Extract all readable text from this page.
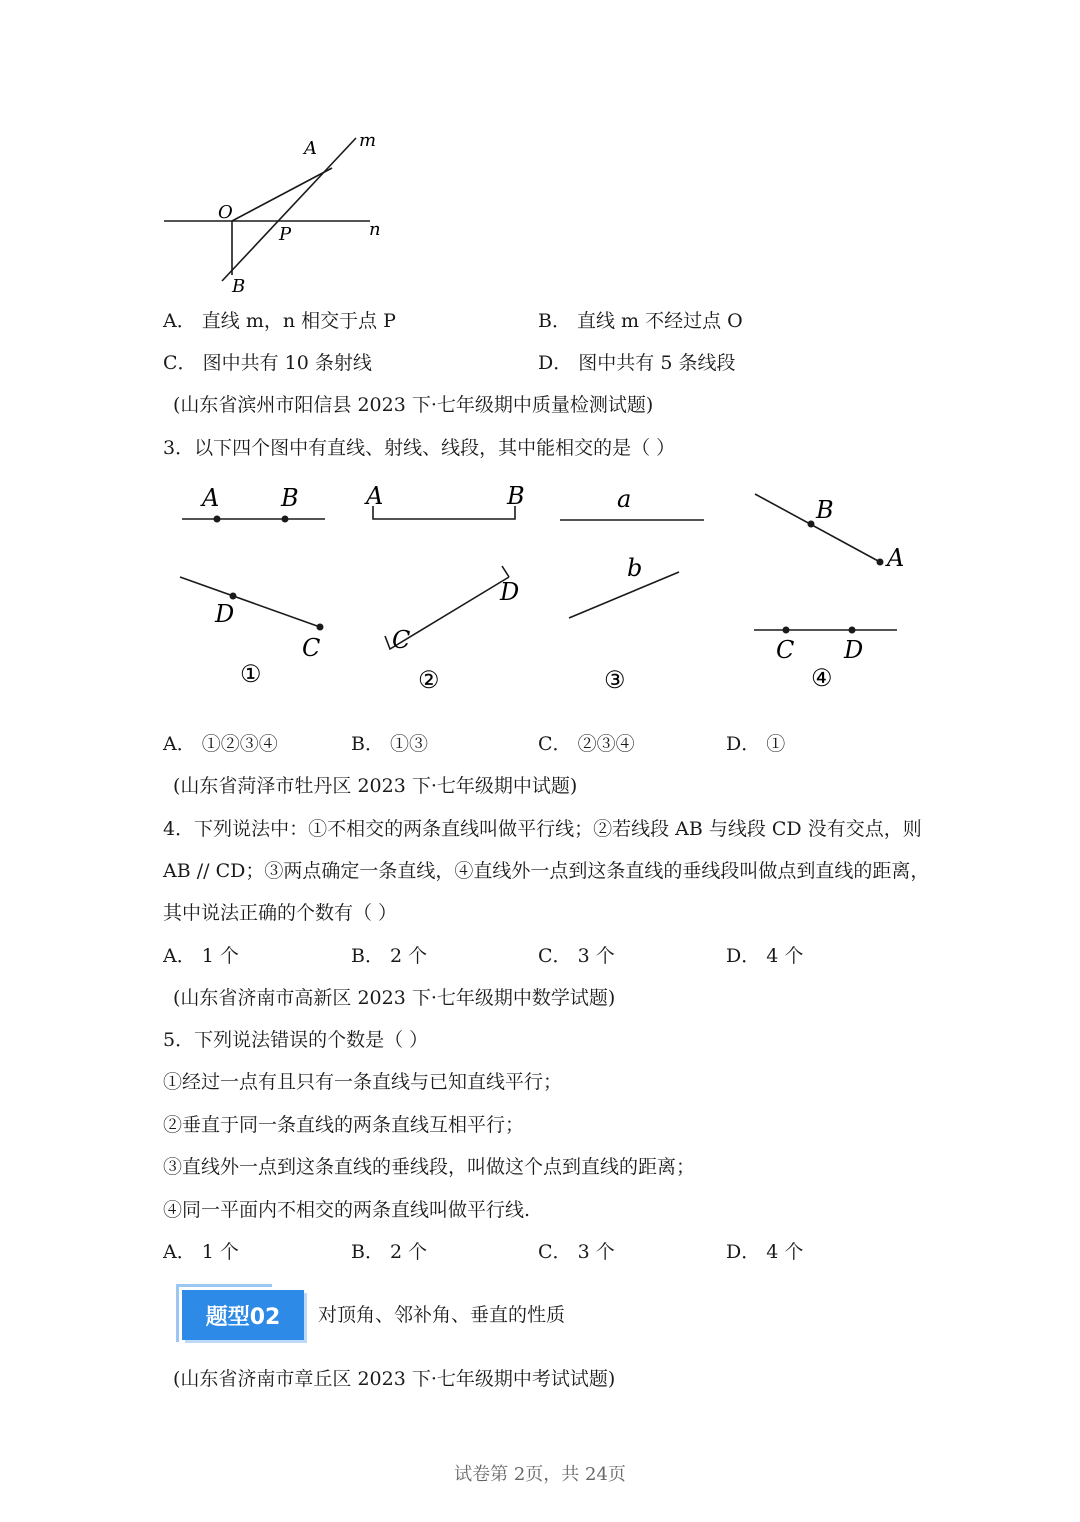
A m
O
P	n
B
A． 直线 m，n 相交于点 P	B． 直线 m 不经过点 O
C． 图中共有 10 条射线	D． 图中共有 5 条线段
(山东省滨州市阳信县 2023 下·七年级期中质量检测试题)
3．以下四个图中有直线、射线、线段，其中能相交的是（ ）
A	B
D
C
①
A	B
D
C
②
a
b
③
B
A
C D
④
A． ①②③④	B． ①③	C． ②③④	D． ①
(山东省菏泽市牡丹区 2023 下·七年级期中试题)
4．下列说法中：①不相交的两条直线叫做平行线；②若线段 AB 与线段 CD 没有交点，则
AB // CD；③两点确定一条直线，④直线外一点到这条直线的垂线段叫做点到直线的距离，
其中说法正确的个数有（ ）
A． 1 个	B． 2 个	C． 3 个	D． 4 个
(山东省济南市高新区 2023 下·七年级期中数学试题)
5．下列说法错误的个数是（ ）
①经过一点有且只有一条直线与已知直线平行；
②垂直于同一条直线的两条直线互相平行；
③直线外一点到这条直线的垂线段，叫做这个点到直线的距离；
④同一平面内不相交的两条直线叫做平行线.
A． 1 个	B． 2 个	C． 3 个	D． 4 个
题型02	对顶角、邻补角、垂直的性质
(山东省济南市章丘区 2023 下·七年级期中考试试题)
试卷第 2页，共 24页
